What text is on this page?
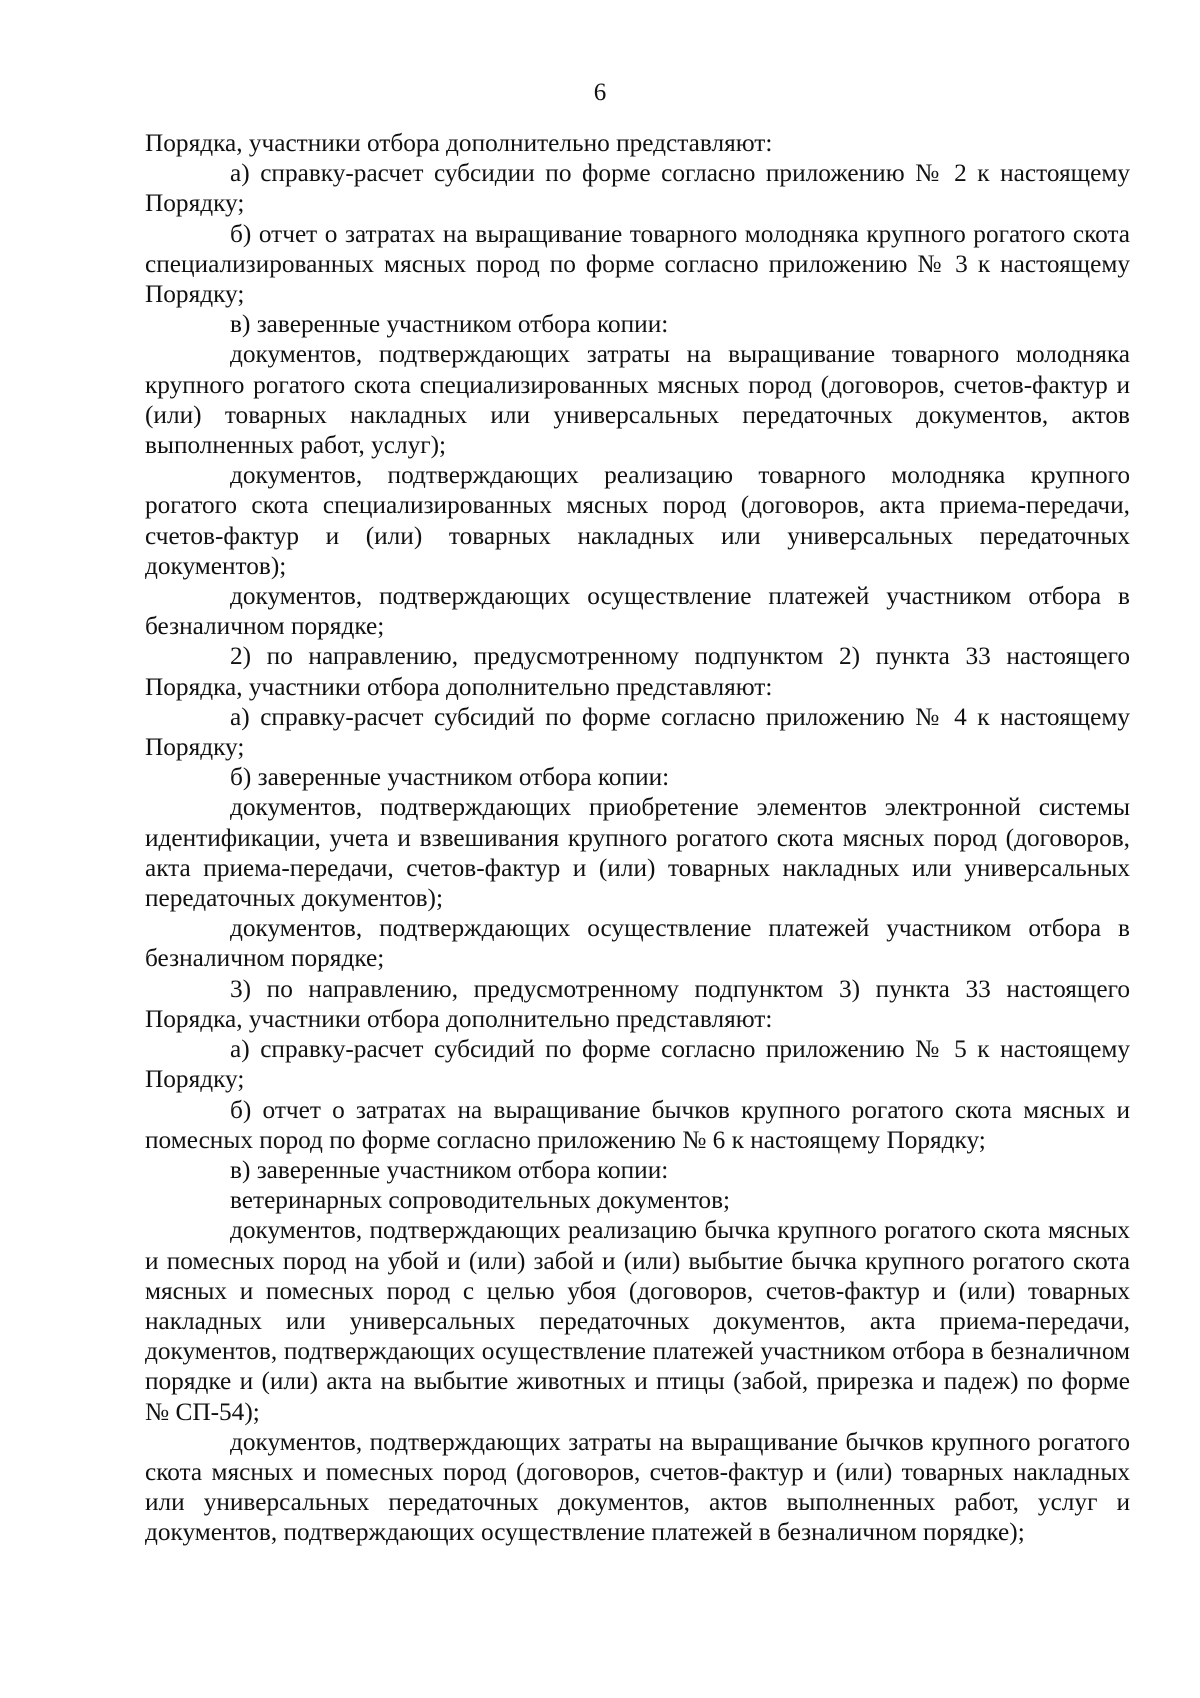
6

Порядка, участники отбора дополнительно представляют:

а) справку-расчет субсидии по форме согласно приложению № 2 к настоящему Порядку;

б) отчет о затратах на выращивание товарного молодняка крупного рогатого скота специализированных мясных пород по форме согласно приложению № 3 к настоящему Порядку;

в) заверенные участником отбора копии:

документов, подтверждающих затраты на выращивание товарного молодняка крупного рогатого скота специализированных мясных пород (договоров, счетов-фактур и (или) товарных накладных или универсальных передаточных документов, актов выполненных работ, услуг);

документов, подтверждающих реализацию товарного молодняка крупного рогатого скота специализированных мясных пород (договоров, акта приема-передачи, счетов-фактур и (или) товарных накладных или универсальных передаточных документов);

документов, подтверждающих осуществление платежей участником отбора в безналичном порядке;

2) по направлению, предусмотренному подпунктом 2) пункта 33 настоящего Порядка, участники отбора дополнительно представляют:

а) справку-расчет субсидий по форме согласно приложению № 4 к настоящему Порядку;

б) заверенные участником отбора копии:

документов, подтверждающих приобретение элементов электронной системы идентификации, учета и взвешивания крупного рогатого скота мясных пород (договоров, акта приема-передачи, счетов-фактур и (или) товарных накладных или универсальных передаточных документов);

документов, подтверждающих осуществление платежей участником отбора в безналичном порядке;

3) по направлению, предусмотренному подпунктом 3) пункта 33 настоящего Порядка, участники отбора дополнительно представляют:

а) справку-расчет субсидий по форме согласно приложению № 5 к настоящему Порядку;

б) отчет о затратах на выращивание бычков крупного рогатого скота мясных и помесных пород по форме согласно приложению № 6 к настоящему Порядку;

в) заверенные участником отбора копии:

ветеринарных сопроводительных документов;

документов, подтверждающих реализацию бычка крупного рогатого скота мясных и помесных пород на убой и (или) забой и (или) выбытие бычка крупного рогатого скота мясных и помесных пород с целью убоя (договоров, счетов-фактур и (или) товарных накладных или универсальных передаточных документов, акта приема-передачи, документов, подтверждающих осуществление платежей участником отбора в безналичном порядке и (или) акта на выбытие животных и птицы (забой, прирезка и падеж) по форме № СП-54);

документов, подтверждающих затраты на выращивание бычков крупного рогатого скота мясных и помесных пород (договоров, счетов-фактур и (или) товарных накладных или универсальных передаточных документов, актов выполненных работ, услуг и документов, подтверждающих осуществление платежей в безналичном порядке);
